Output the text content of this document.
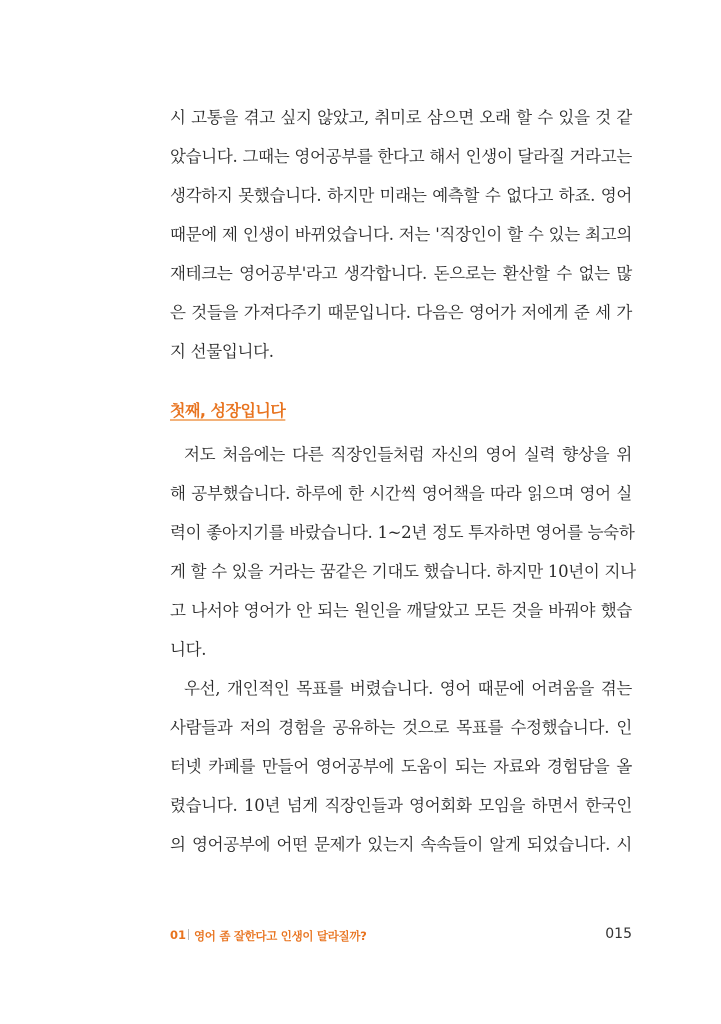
시 고통을 겪고 싶지 않았고, 취미로 삼으면 오래 할 수 있을 것 같
았습니다. 그때는 영어공부를 한다고 해서 인생이 달라질 거라고는
생각하지 못했습니다. 하지만 미래는 예측할 수 없다고 하죠. 영어
때문에 제 인생이 바뀌었습니다. 저는 '직장인이 할 수 있는 최고의
재테크는 영어공부'라고 생각합니다. 돈으로는 환산할 수 없는 많
은 것들을 가져다주기 때문입니다. 다음은 영어가 저에게 준 세 가
지 선물입니다.
첫째, 성장입니다
저도 처음에는 다른 직장인들처럼 자신의 영어 실력 향상을 위
해 공부했습니다. 하루에 한 시간씩 영어책을 따라 읽으며 영어 실
력이 좋아지기를 바랐습니다. 1~2년 정도 투자하면 영어를 능숙하
게 할 수 있을 거라는 꿈같은 기대도 했습니다. 하지만 10년이 지나
고 나서야 영어가 안 되는 원인을 깨달았고 모든 것을 바꿔야 했습
니다.
우선, 개인적인 목표를 버렸습니다. 영어 때문에 어려움을 겪는
사람들과 저의 경험을 공유하는 것으로 목표를 수정했습니다. 인
터넷 카페를 만들어 영어공부에 도움이 되는 자료와 경험담을 올
렸습니다. 10년 넘게 직장인들과 영어회화 모임을 하면서 한국인
의 영어공부에 어떤 문제가 있는지 속속들이 알게 되었습니다. 시
01 영어 좀 잘한다고 인생이 달라질까?	015
